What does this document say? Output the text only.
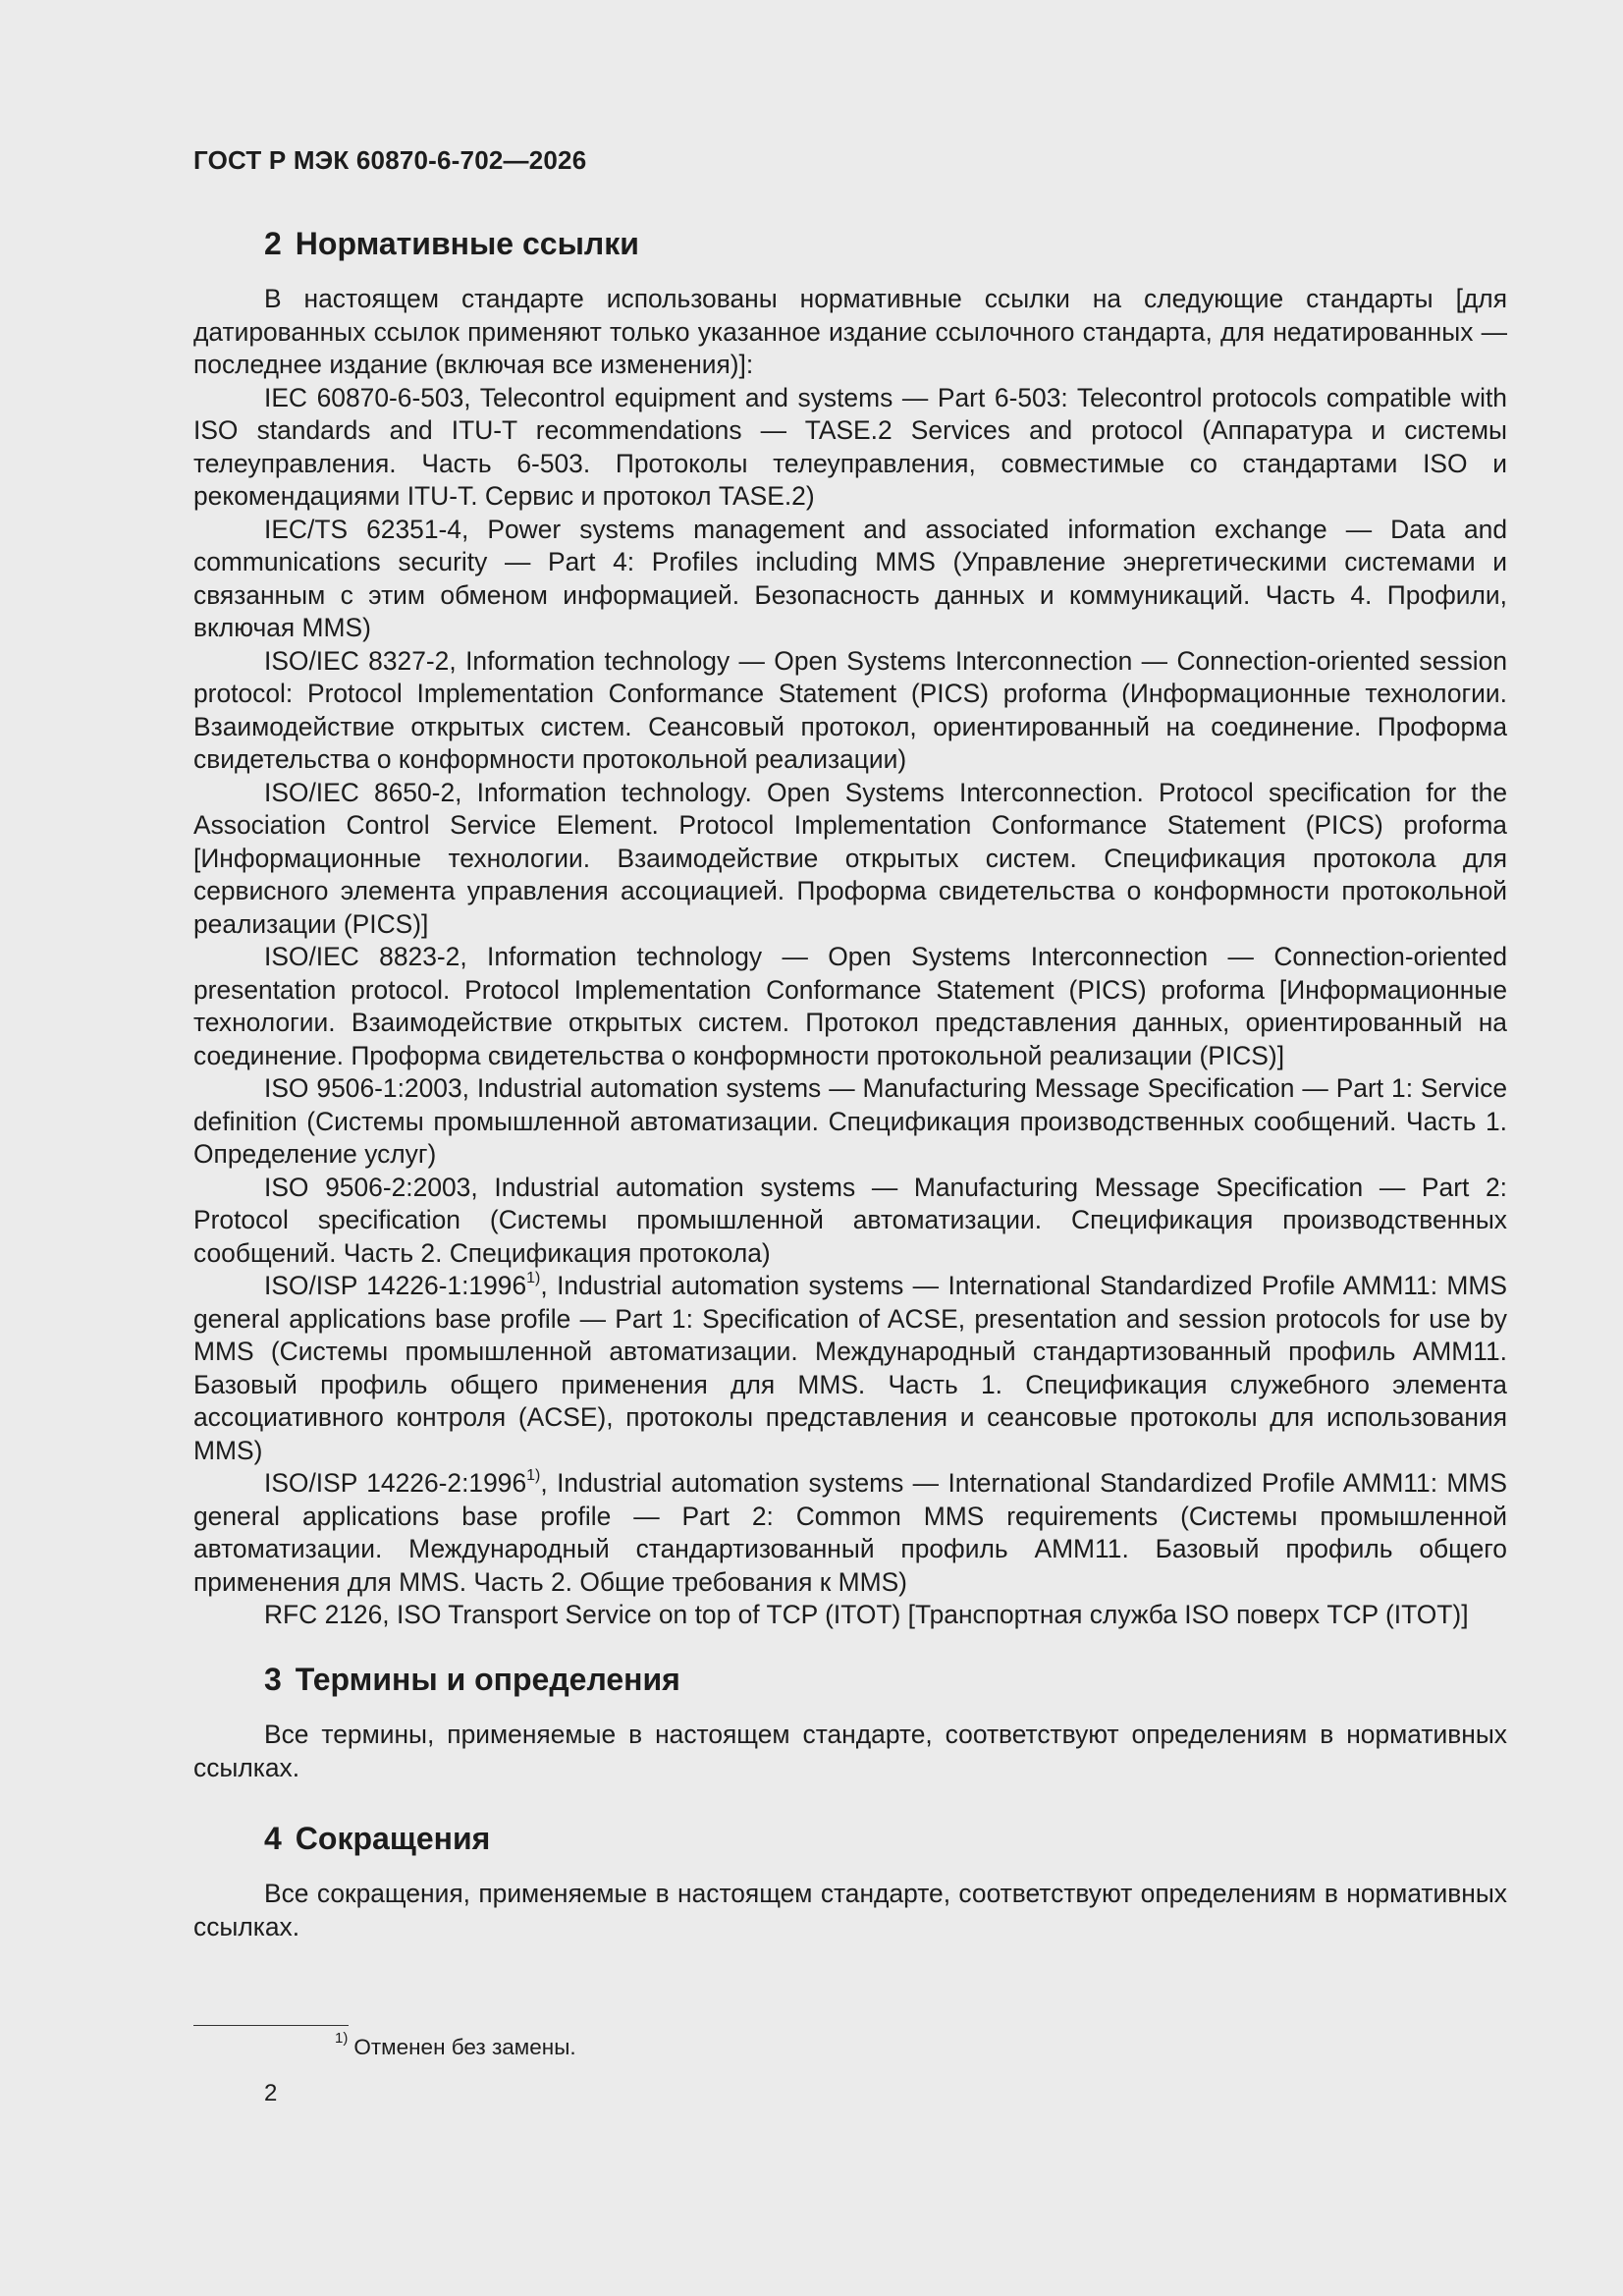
ГОСТ Р МЭК 60870-6-702—2026
2 Нормативные ссылки

В настоящем стандарте использованы нормативные ссылки на следующие стандарты [для датированных ссылок применяют только указанное издание ссылочного стандарта, для недатированных — последнее издание (включая все изменения)]:

IEC 60870-6-503, Telecontrol equipment and systems — Part 6-503: Telecontrol protocols compatible with ISO standards and ITU-T recommendations — TASE.2 Services and protocol (Аппаратура и системы телеуправления. Часть 6-503. Протоколы телеуправления, совместимые со стандартами ISO и рекомендациями ITU-T. Сервис и протокол TASE.2)

IEC/TS 62351-4, Power systems management and associated information exchange — Data and communications security — Part 4: Profiles including MMS (Управление энергетическими системами и связанным с этим обменом информацией. Безопасность данных и коммуникаций. Часть 4. Профили, включая MMS)

ISO/IEC 8327-2, Information technology — Open Systems Interconnection — Connection-oriented session protocol: Protocol Implementation Conformance Statement (PICS) proforma (Информационные технологии. Взаимодействие открытых систем. Сеансовый протокол, ориентированный на соединение. Проформа свидетельства о конформности протокольной реализации)

ISO/IEC 8650-2, Information technology. Open Systems Interconnection. Protocol specification for the Association Control Service Element. Protocol Implementation Conformance Statement (PICS) proforma [Информационные технологии. Взаимодействие открытых систем. Спецификация протокола для сервисного элемента управления ассоциацией. Проформа свидетельства о конформности протокольной реализации (PICS)]

ISO/IEC 8823-2, Information technology — Open Systems Interconnection — Connection-oriented presentation protocol. Protocol Implementation Conformance Statement (PICS) proforma [Информационные технологии. Взаимодействие открытых систем. Протокол представления данных, ориентированный на соединение. Проформа свидетельства о конформности протокольной реализации (PICS)]

ISO 9506-1:2003, Industrial automation systems — Manufacturing Message Specification — Part 1: Service definition (Системы промышленной автоматизации. Спецификация производственных сообщений. Часть 1. Определение услуг)

ISO 9506-2:2003, Industrial automation systems — Manufacturing Message Specification — Part 2: Protocol specification (Системы промышленной автоматизации. Спецификация производственных сообщений. Часть 2. Спецификация протокола)

ISO/ISP 14226-1:1996$^{1)}$, Industrial automation systems — International Standardized Profile AMM11: MMS general applications base profile — Part 1: Specification of ACSE, presentation and session protocols for use by MMS (Системы промышленной автоматизации. Международный стандартизованный профиль AMM11. Базовый профиль общего применения для MMS. Часть 1. Спецификация служебного элемента ассоциативного контроля (ACSE), протоколы представления и сеансовые протоколы для использования MMS)

ISO/ISP 14226-2:1996$^{1)}$, Industrial automation systems — International Standardized Profile AMM11: MMS general applications base profile — Part 2: Common MMS requirements (Системы промышленной автоматизации. Международный стандартизованный профиль AMM11. Базовый профиль общего применения для MMS. Часть 2. Общие требования к MMS)

RFC 2126, ISO Transport Service on top of TCP (ITOT) [Транспортная служба ISO поверх TCP (ITOT)]

3 Термины и определения

Все термины, применяемые в настоящем стандарте, соответствуют определениям в нормативных ссылках.

4 Сокращения

Все сокращения, применяемые в настоящем стандарте, соответствуют определениям в нормативных ссылках.

$^{1)}$ Отменен без замены.

2
